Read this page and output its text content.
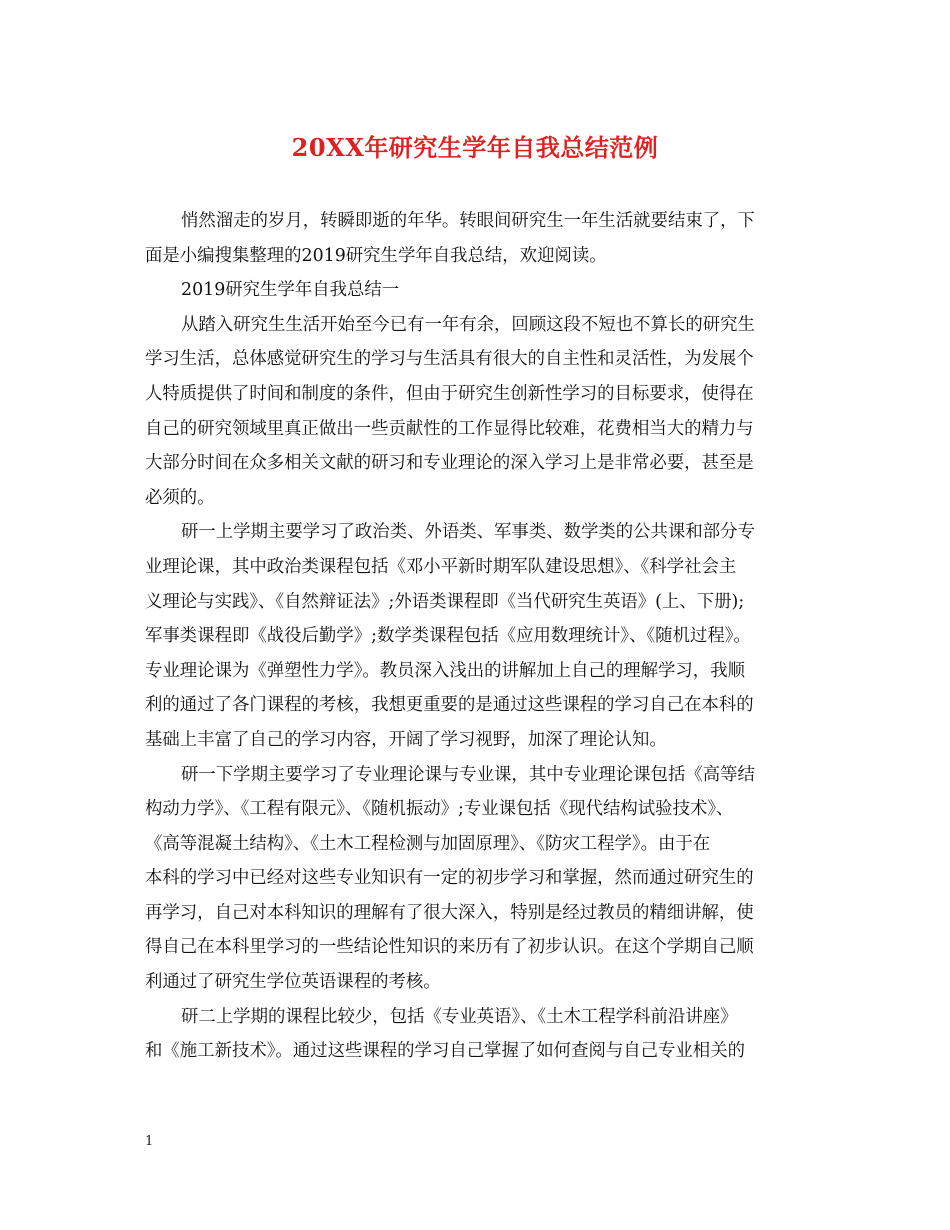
20XX年研究生学年自我总结范例
悄然溜走的岁月，转瞬即逝的年华。转眼间研究生一年生活就要结束了，下
面是小编搜集整理的2019研究生学年自我总结，欢迎阅读。
2019研究生学年自我总结一
从踏入研究生生活开始至今已有一年有余，回顾这段不短也不算长的研究生
学习生活，总体感觉研究生的学习与生活具有很大的自主性和灵活性，为发展个
人特质提供了时间和制度的条件，但由于研究生创新性学习的目标要求，使得在
自己的研究领域里真正做出一些贡献性的工作显得比较难，花费相当大的精力与
大部分时间在众多相关文献的研习和专业理论的深入学习上是非常必要，甚至是
必须的。
研一上学期主要学习了政治类、外语类、军事类、数学类的公共课和部分专
业理论课，其中政治类课程包括《邓小平新时期军队建设思想》、《科学社会主
义理论与实践》、《自然辩证法》;外语类课程即《当代研究生英语》(上、下册);
军事类课程即《战役后勤学》;数学类课程包括《应用数理统计》、《随机过程》。
专业理论课为《弹塑性力学》。教员深入浅出的讲解加上自己的理解学习，我顺
利的通过了各门课程的考核，我想更重要的是通过这些课程的学习自己在本科的
基础上丰富了自己的学习内容，开阔了学习视野，加深了理论认知。
研一下学期主要学习了专业理论课与专业课，其中专业理论课包括《高等结
构动力学》、《工程有限元》、《随机振动》;专业课包括《现代结构试验技术》、
《高等混凝土结构》、《土木工程检测与加固原理》、《防灾工程学》。由于在
本科的学习中已经对这些专业知识有一定的初步学习和掌握，然而通过研究生的
再学习，自己对本科知识的理解有了很大深入，特别是经过教员的精细讲解，使
得自己在本科里学习的一些结论性知识的来历有了初步认识。在这个学期自己顺
利通过了研究生学位英语课程的考核。
研二上学期的课程比较少，包括《专业英语》、《土木工程学科前沿讲座》
和《施工新技术》。通过这些课程的学习自己掌握了如何查阅与自己专业相关的
1
